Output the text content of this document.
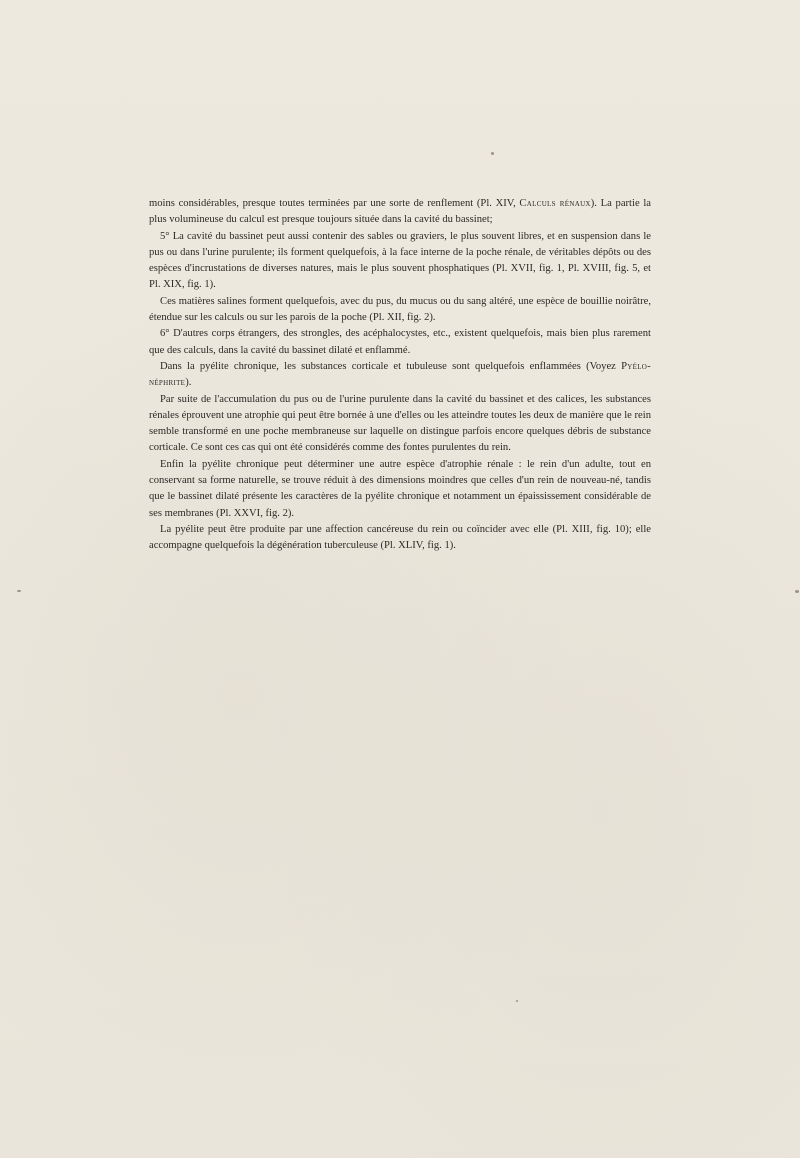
moins considérables, presque toutes terminées par une sorte de renflement (Pl. XIV, Calculs rénaux). La partie la plus volumineuse du calcul est presque toujours située dans la cavité du bassinet;

5° La cavité du bassinet peut aussi contenir des sables ou graviers, le plus souvent libres, et en suspension dans le pus ou dans l'urine purulente; ils forment quelquefois, à la face interne de la poche rénale, de véritables dépôts ou des espèces d'incrustations de diverses natures, mais le plus souvent phosphatiques (Pl. XVII, fig. 1, Pl. XVIII, fig. 5, et Pl. XIX, fig. 1).

Ces matières salines forment quelquefois, avec du pus, du mucus ou du sang altéré, une espèce de bouillie noirâtre, étendue sur les calculs ou sur les parois de la poche (Pl. XII, fig. 2).

6° D'autres corps étrangers, des strongles, des acéphalocystes, etc., existent quelquefois, mais bien plus rarement que des calculs, dans la cavité du bassinet dilaté et enflammé.

Dans la pyélite chronique, les substances corticale et tubuleuse sont quelquefois enflammées (Voyez Pyélo-néphrite).

Par suite de l'accumulation du pus ou de l'urine purulente dans la cavité du bassinet et des calices, les substances rénales éprouvent une atrophie qui peut être bornée à une d'elles ou les atteindre toutes les deux de manière que le rein semble transformé en une poche membraneuse sur laquelle on distingue parfois encore quelques débris de substance corticale. Ce sont ces cas qui ont été considérés comme des fontes purulentes du rein.

Enfin la pyélite chronique peut déterminer une autre espèce d'atrophie rénale : le rein d'un adulte, tout en conservant sa forme naturelle, se trouve réduit à des dimensions moindres que celles d'un rein de nouveau-né, tandis que le bassinet dilaté présente les caractères de la pyélite chronique et notamment un épaississement considérable de ses membranes (Pl. XXVI, fig. 2).

La pyélite peut être produite par une affection cancéreuse du rein ou coïncider avec elle (Pl. XIII, fig. 10); elle accompagne quelquefois la dégénération tuberculeuse (Pl. XLIV, fig. 1).
